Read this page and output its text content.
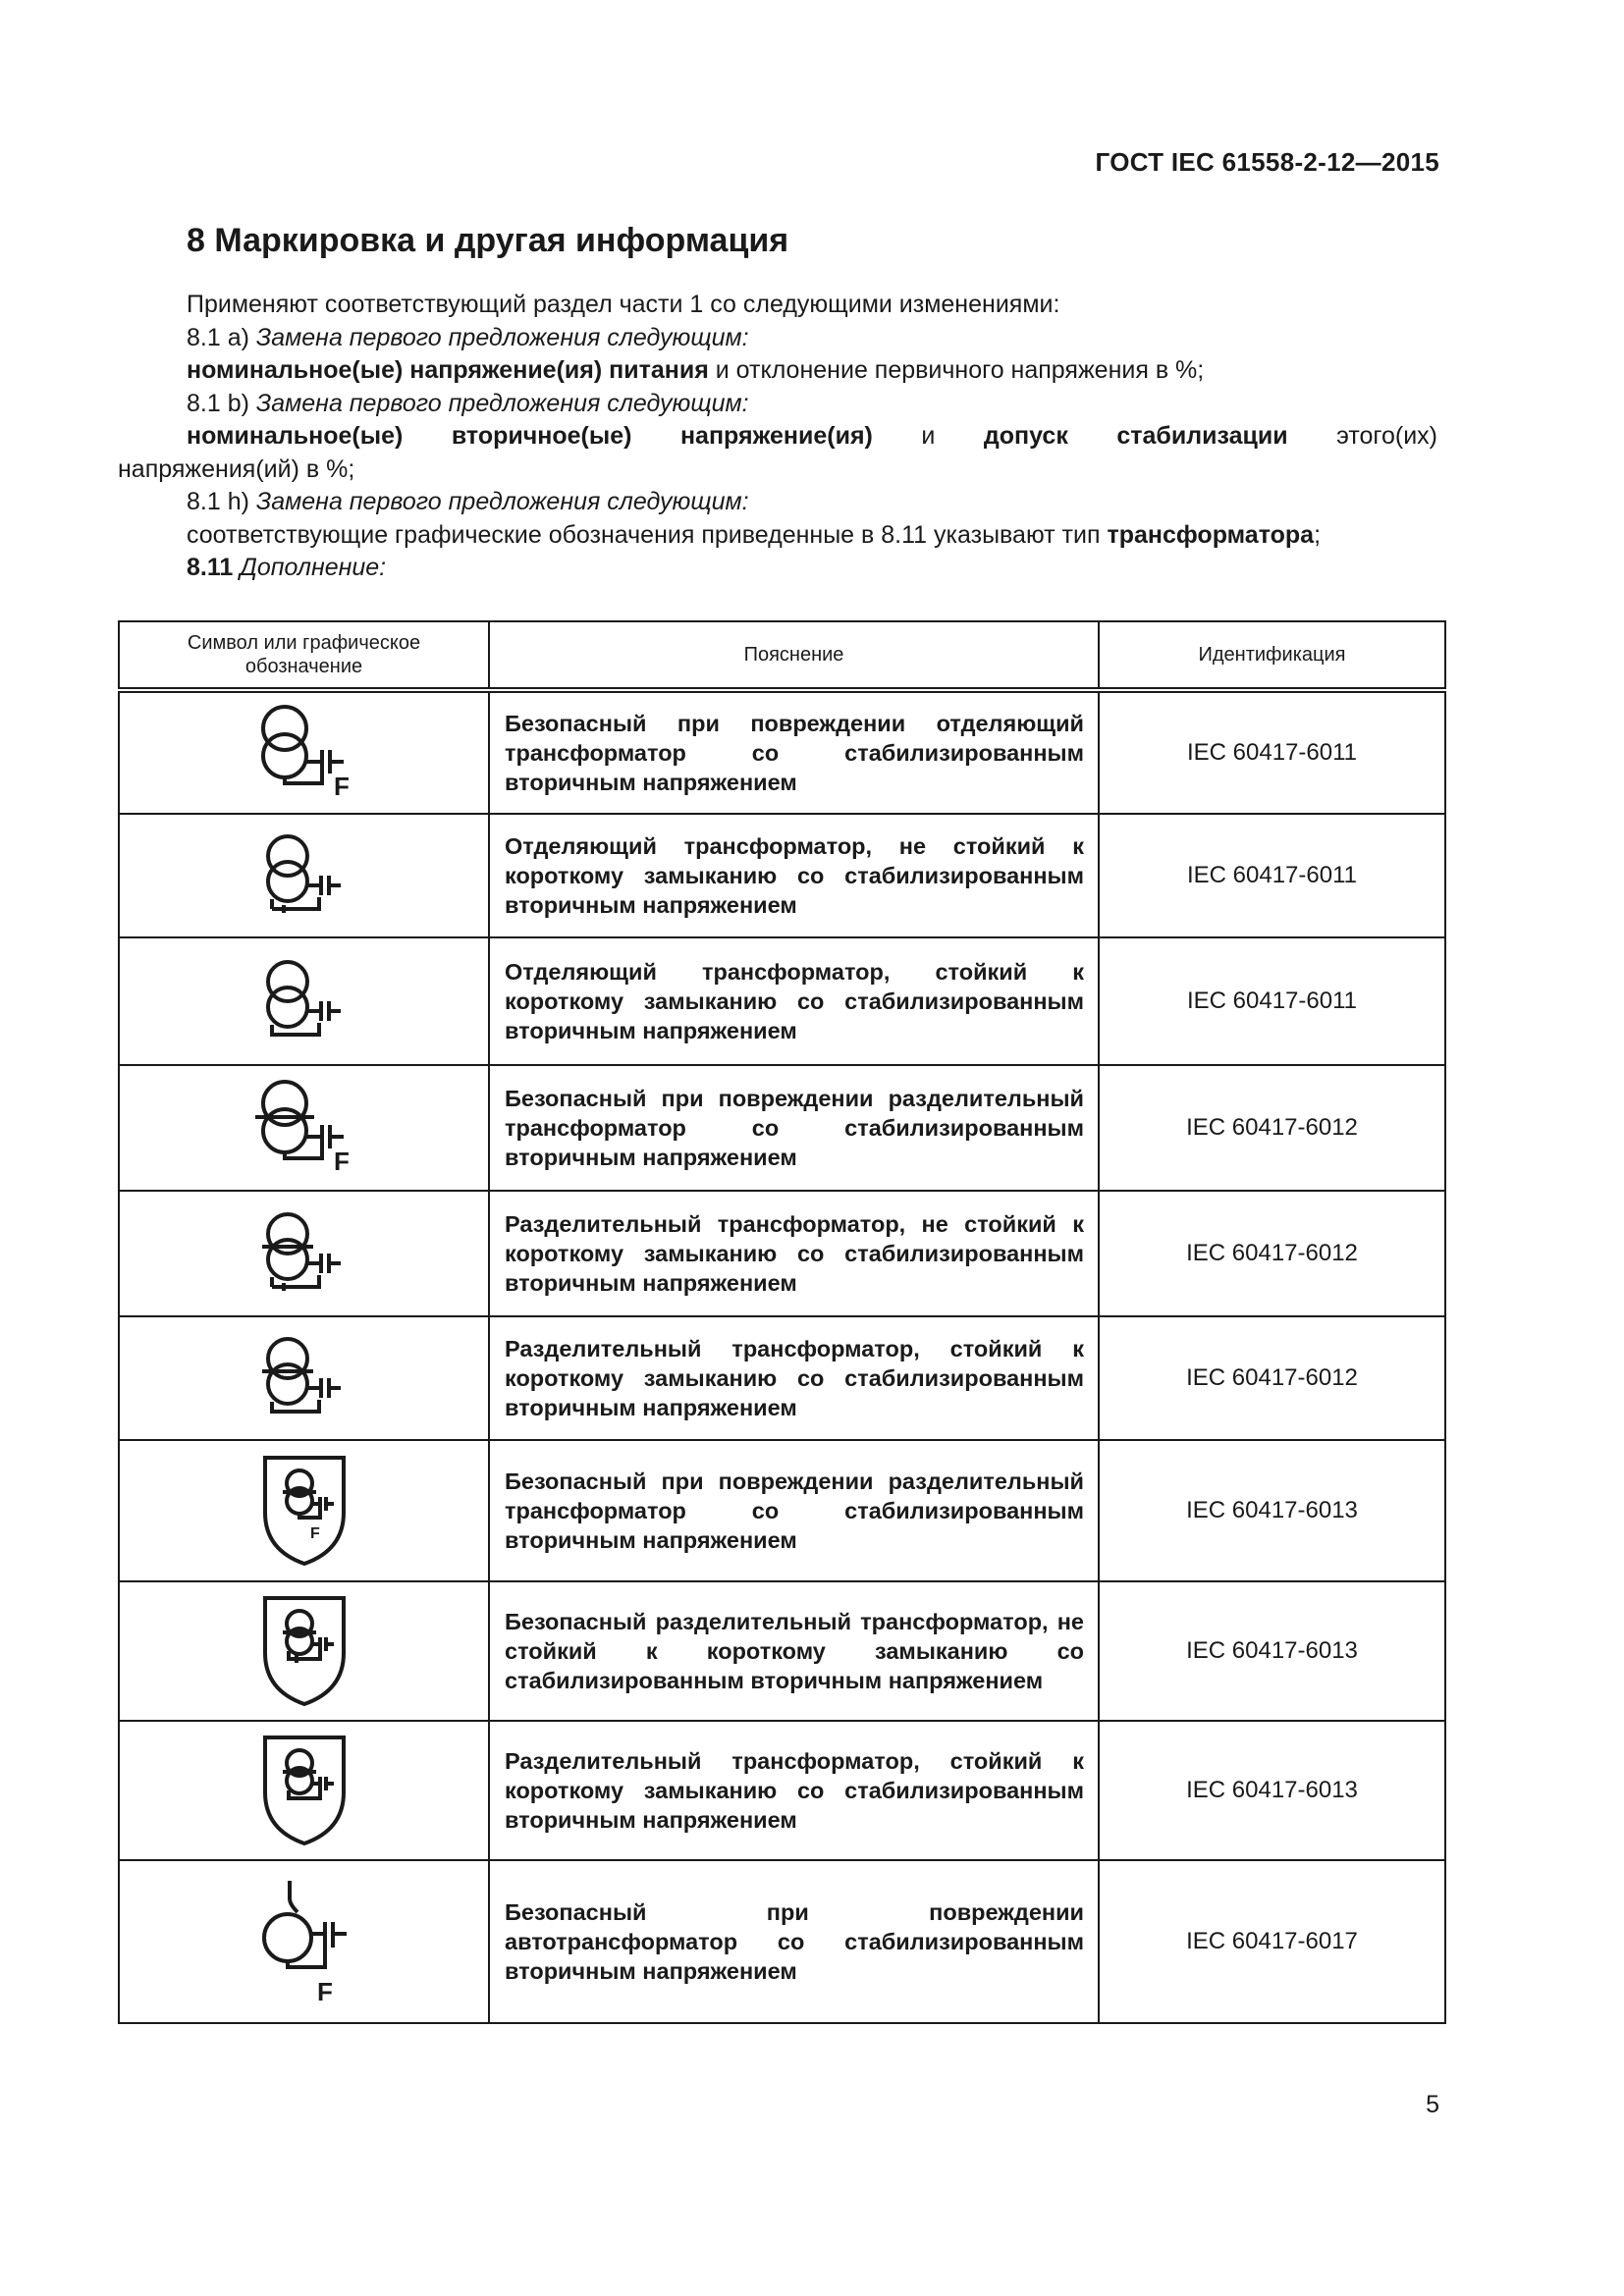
ГОСТ IEC 61558-2-12—2015
8 Маркировка и другая информация

Применяют соответствующий раздел части 1 со следующими изменениями:

8.1 а) Замена первого предложения следующим:

номинальное(ые) напряжение(ия) питания и отклонение первичного напряжения в %;

8.1 b) Замена первого предложения следующим:

номинальное(ые) вторичное(ые) напряжение(ия) и допуск стабилизации этого(их)

напряжения(ий) в %;

8.1 h) Замена первого предложения следующим:

соответствующие графические обозначения приведенные в 8.11 указывают тип трансформатора;

8.11 Дополнение:

Символ или графическое обозначение	Пояснение	Идентификация

F	Безопасный при повреждении отделяющий трансформатор со стабилизированным вторичным напряжением	IEC 60417-6011

	Отделяющий трансформатор, не стойкий к короткому замыканию со стабилизированным вторичным напряжением	IEC 60417-6011

	Отделяющий трансформатор, стойкий к короткому замыканию со стабилизированным вторичным напряжением	IEC 60417-6011

F	Безопасный при повреждении разделительный трансформатор со стабилизированным вторичным напряжением	IEC 60417-6012

	Разделительный трансформатор, не стойкий к короткому замыканию со стабилизированным вторичным напряжением	IEC 60417-6012

	Разделительный трансформатор, стойкий к короткому замыканию со стабилизированным вторичным напряжением	IEC 60417-6012

F	Безопасный при повреждении разделительный трансформатор со стабилизированным вторичным напряжением	IEC 60417-6013

	Безопасный разделительный трансформатор, не стойкий к короткому замыканию со стабилизированным вторичным напряжением	IEC 60417-6013

	Разделительный трансформатор, стойкий к короткому замыканию со стабилизированным вторичным напряжением	IEC 60417-6013

F	Безопасный при повреждении автотрансформатор со стабилизированным вторичным напряжением	IEC 60417-6017
5
